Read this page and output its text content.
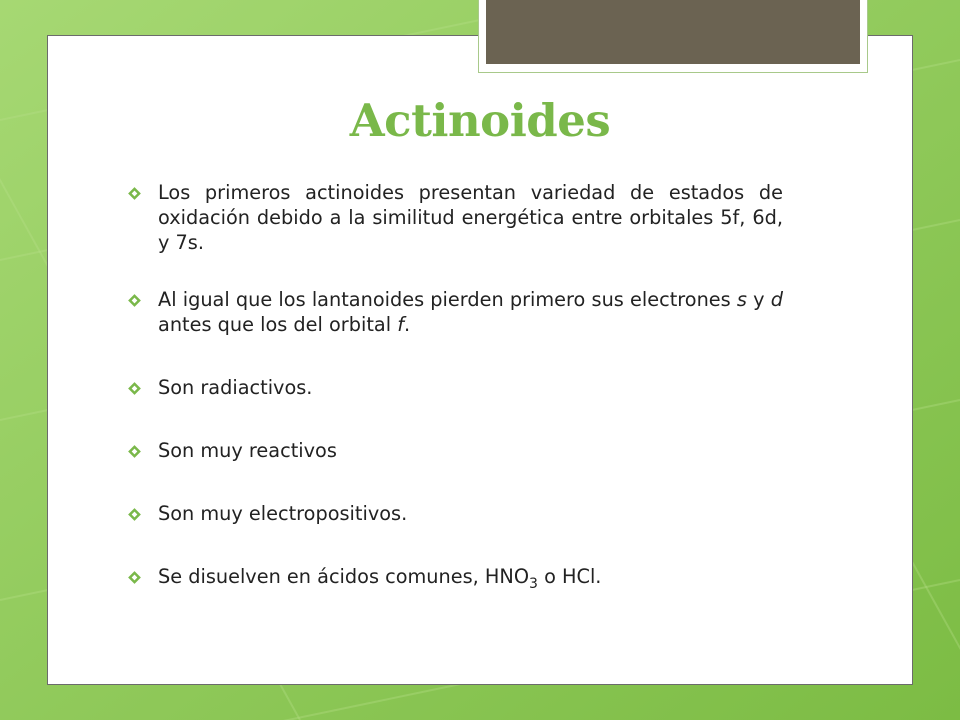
Actinoides
Los primeros actinoides presentan variedad de estados de oxidación debido a la similitud energética entre orbitales 5f, 6d, y 7s.
Al igual que los lantanoides pierden primero sus electrones s y d antes que los del orbital f.
Son radiactivos.
Son muy reactivos
Son muy electropositivos.
Se disuelven en ácidos comunes, $HNO_3$ o HCl.
